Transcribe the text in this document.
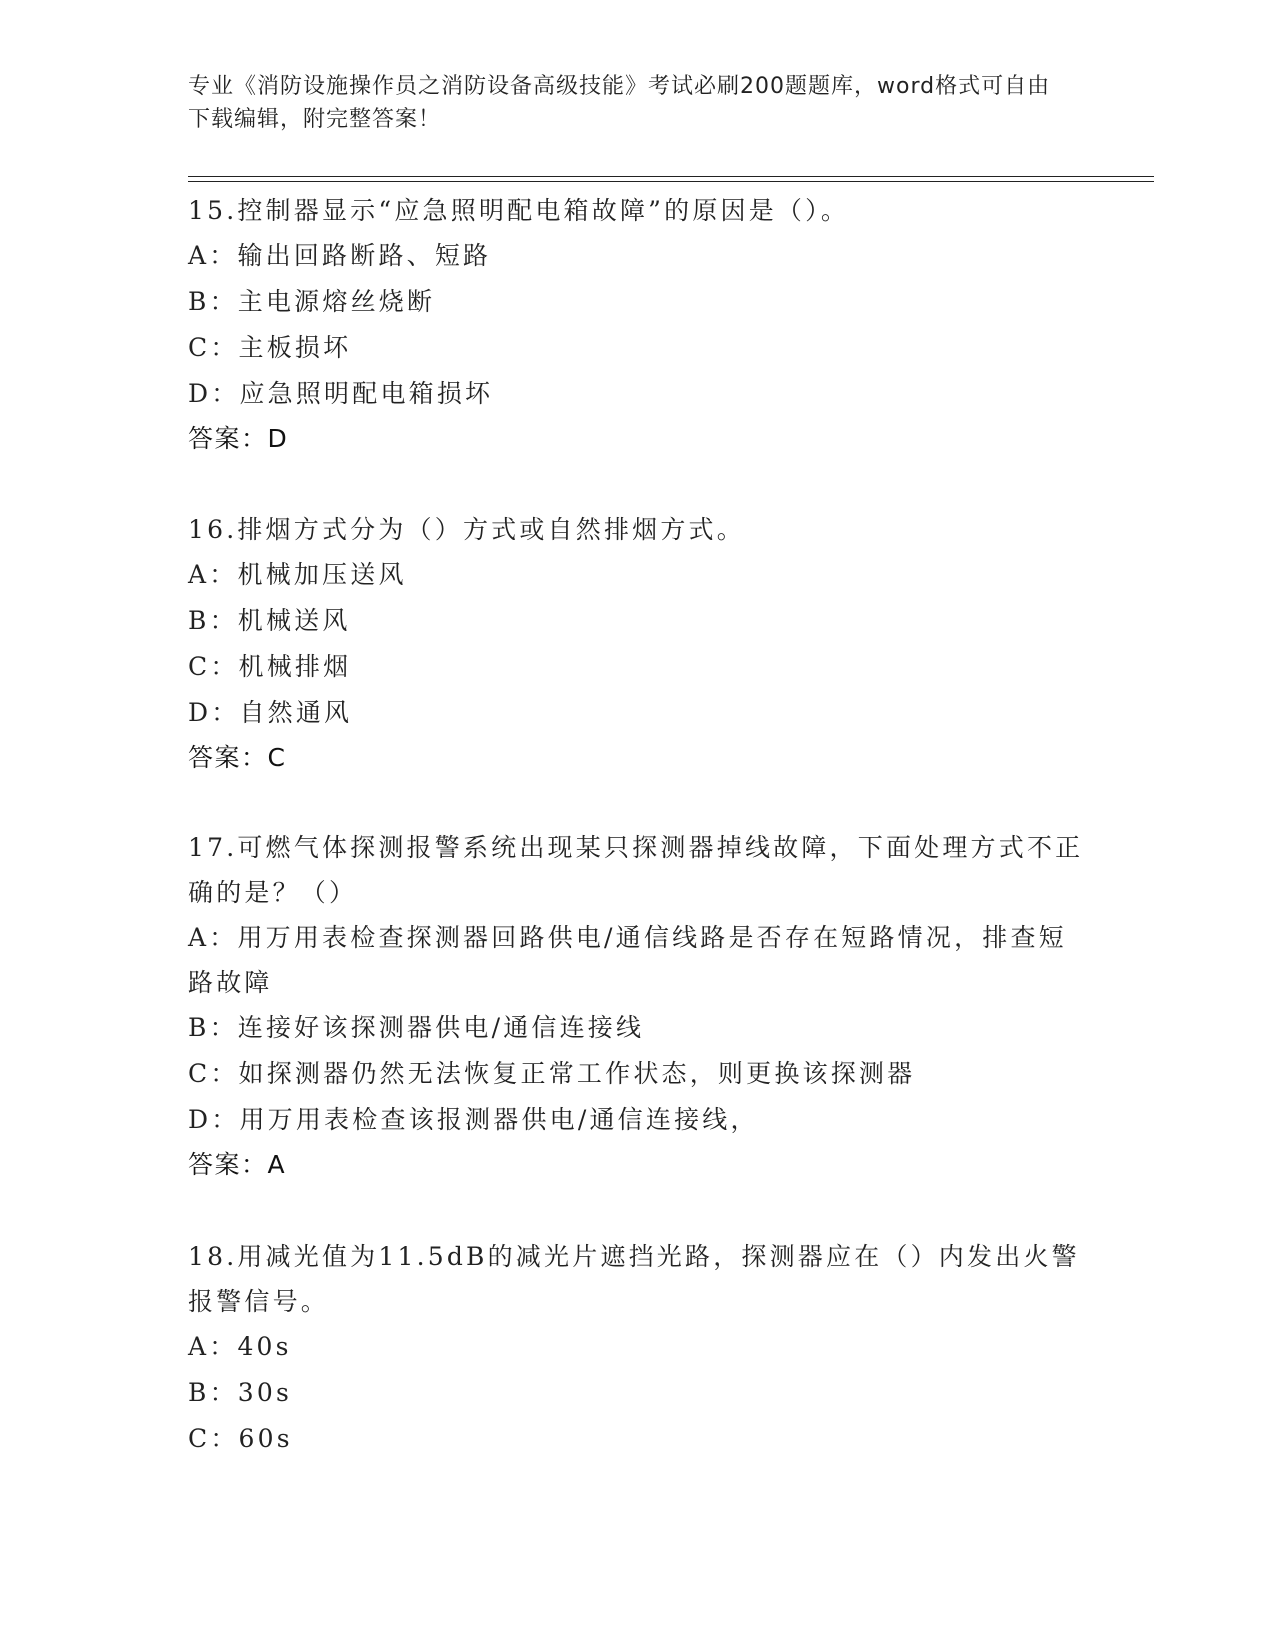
专业《消防设施操作员之消防设备高级技能》考试必刷200题题库，word格式可自由下载编辑，附完整答案！
15.控制器显示“应急照明配电箱故障”的原因是（）。
A：输出回路断路、短路
B：主电源熔丝烧断
C：主板损坏
D：应急照明配电箱损坏
答案：D
16.排烟方式分为（）方式或自然排烟方式。
A：机械加压送风
B：机械送风
C：机械排烟
D：自然通风
答案：C
17.可燃气体探测报警系统出现某只探测器掉线故障，下面处理方式不正确的是？（）
A：用万用表检查探测器回路供电/通信线路是否存在短路情况，排查短路故障
B：连接好该探测器供电/通信连接线
C：如探测器仍然无法恢复正常工作状态，则更换该探测器
D：用万用表检查该报测器供电/通信连接线，
答案：A
18.用减光值为11.5dB的减光片遮挡光路，探测器应在（）内发出火警报警信号。
A：40s
B：30s
C：60s
